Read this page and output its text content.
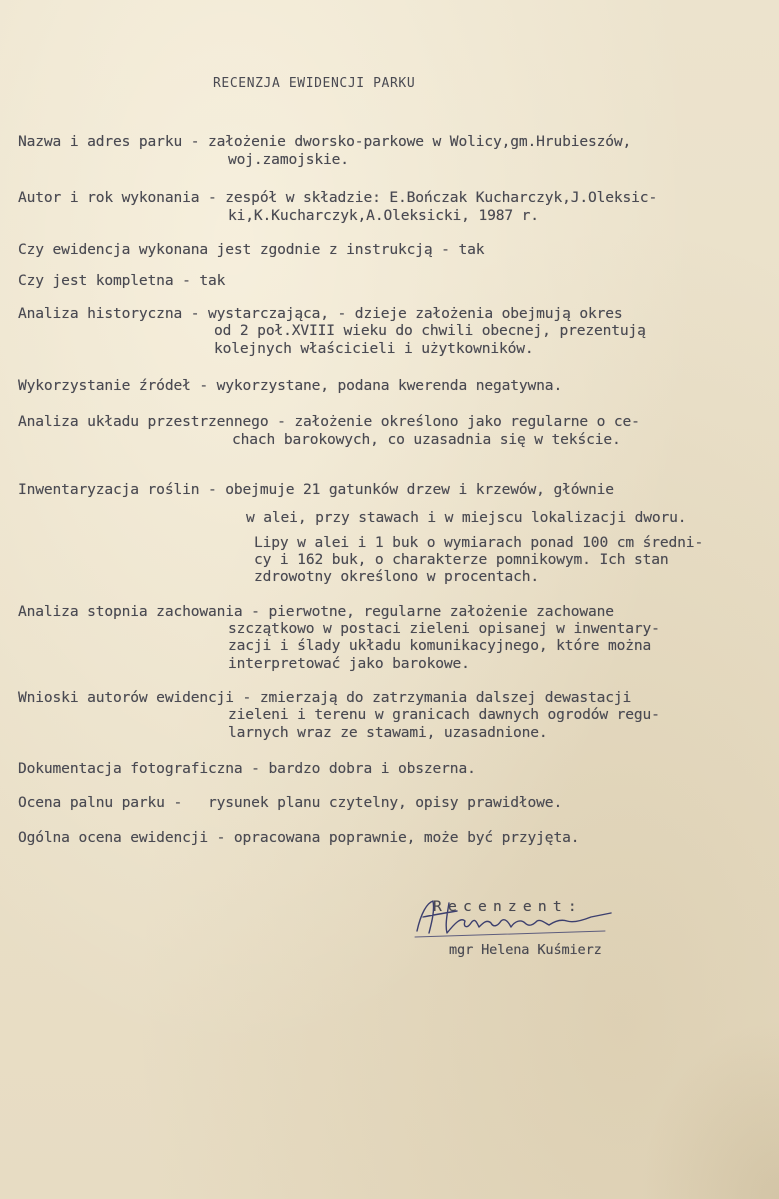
RECENZJA EWIDENCJI PARKU
Nazwa i adres parku - założenie dworsko-parkowe w Wolicy,gm.Hrubieszów,
woj.zamojskie.
Autor i rok wykonania - zespół w składzie: E.Bończak Kucharczyk,J.Oleksic-
ki,K.Kucharczyk,A.Oleksicki, 1987 r.
Czy ewidencja wykonana jest zgodnie z instrukcją - tak
Czy jest kompletna - tak
Analiza historyczna - wystarczająca, - dzieje założenia obejmują okres
od 2 poł.XVIII wieku do chwili obecnej, prezentują
kolejnych właścicieli i użytkowników.
Wykorzystanie źródeł - wykorzystane, podana kwerenda negatywna.
Analiza układu przestrzennego - założenie określono jako regularne o ce-
chach barokowych, co uzasadnia się w tekście.
Inwentaryzacja roślin - obejmuje 21 gatunków drzew i krzewów, głównie
w alei, przy stawach i w miejscu lokalizacji dworu.
Lipy w alei i 1 buk o wymiarach ponad 100 cm średni-
cy i 162 buk, o charakterze pomnikowym. Ich stan
zdrowotny określono w procentach.
Analiza stopnia zachowania - pierwotne, regularne założenie zachowane
szczątkowo w postaci zieleni opisanej w inwentary-
zacji i ślady układu komunikacyjnego, które można
interpretować jako barokowe.
Wnioski autorów ewidencji - zmierzają do zatrzymania dalszej dewastacji
zieleni i terenu w granicach dawnych ogrodów regu-
larnych wraz ze stawami, uzasadnione.
Dokumentacja fotograficzna - bardzo dobra i obszerna.
Ocena palnu parku -   rysunek planu czytelny, opisy prawidłowe.
Ogólna ocena ewidencji - opracowana poprawnie, może być przyjęta.
Recenzent:
mgr Helena Kuśmierz
